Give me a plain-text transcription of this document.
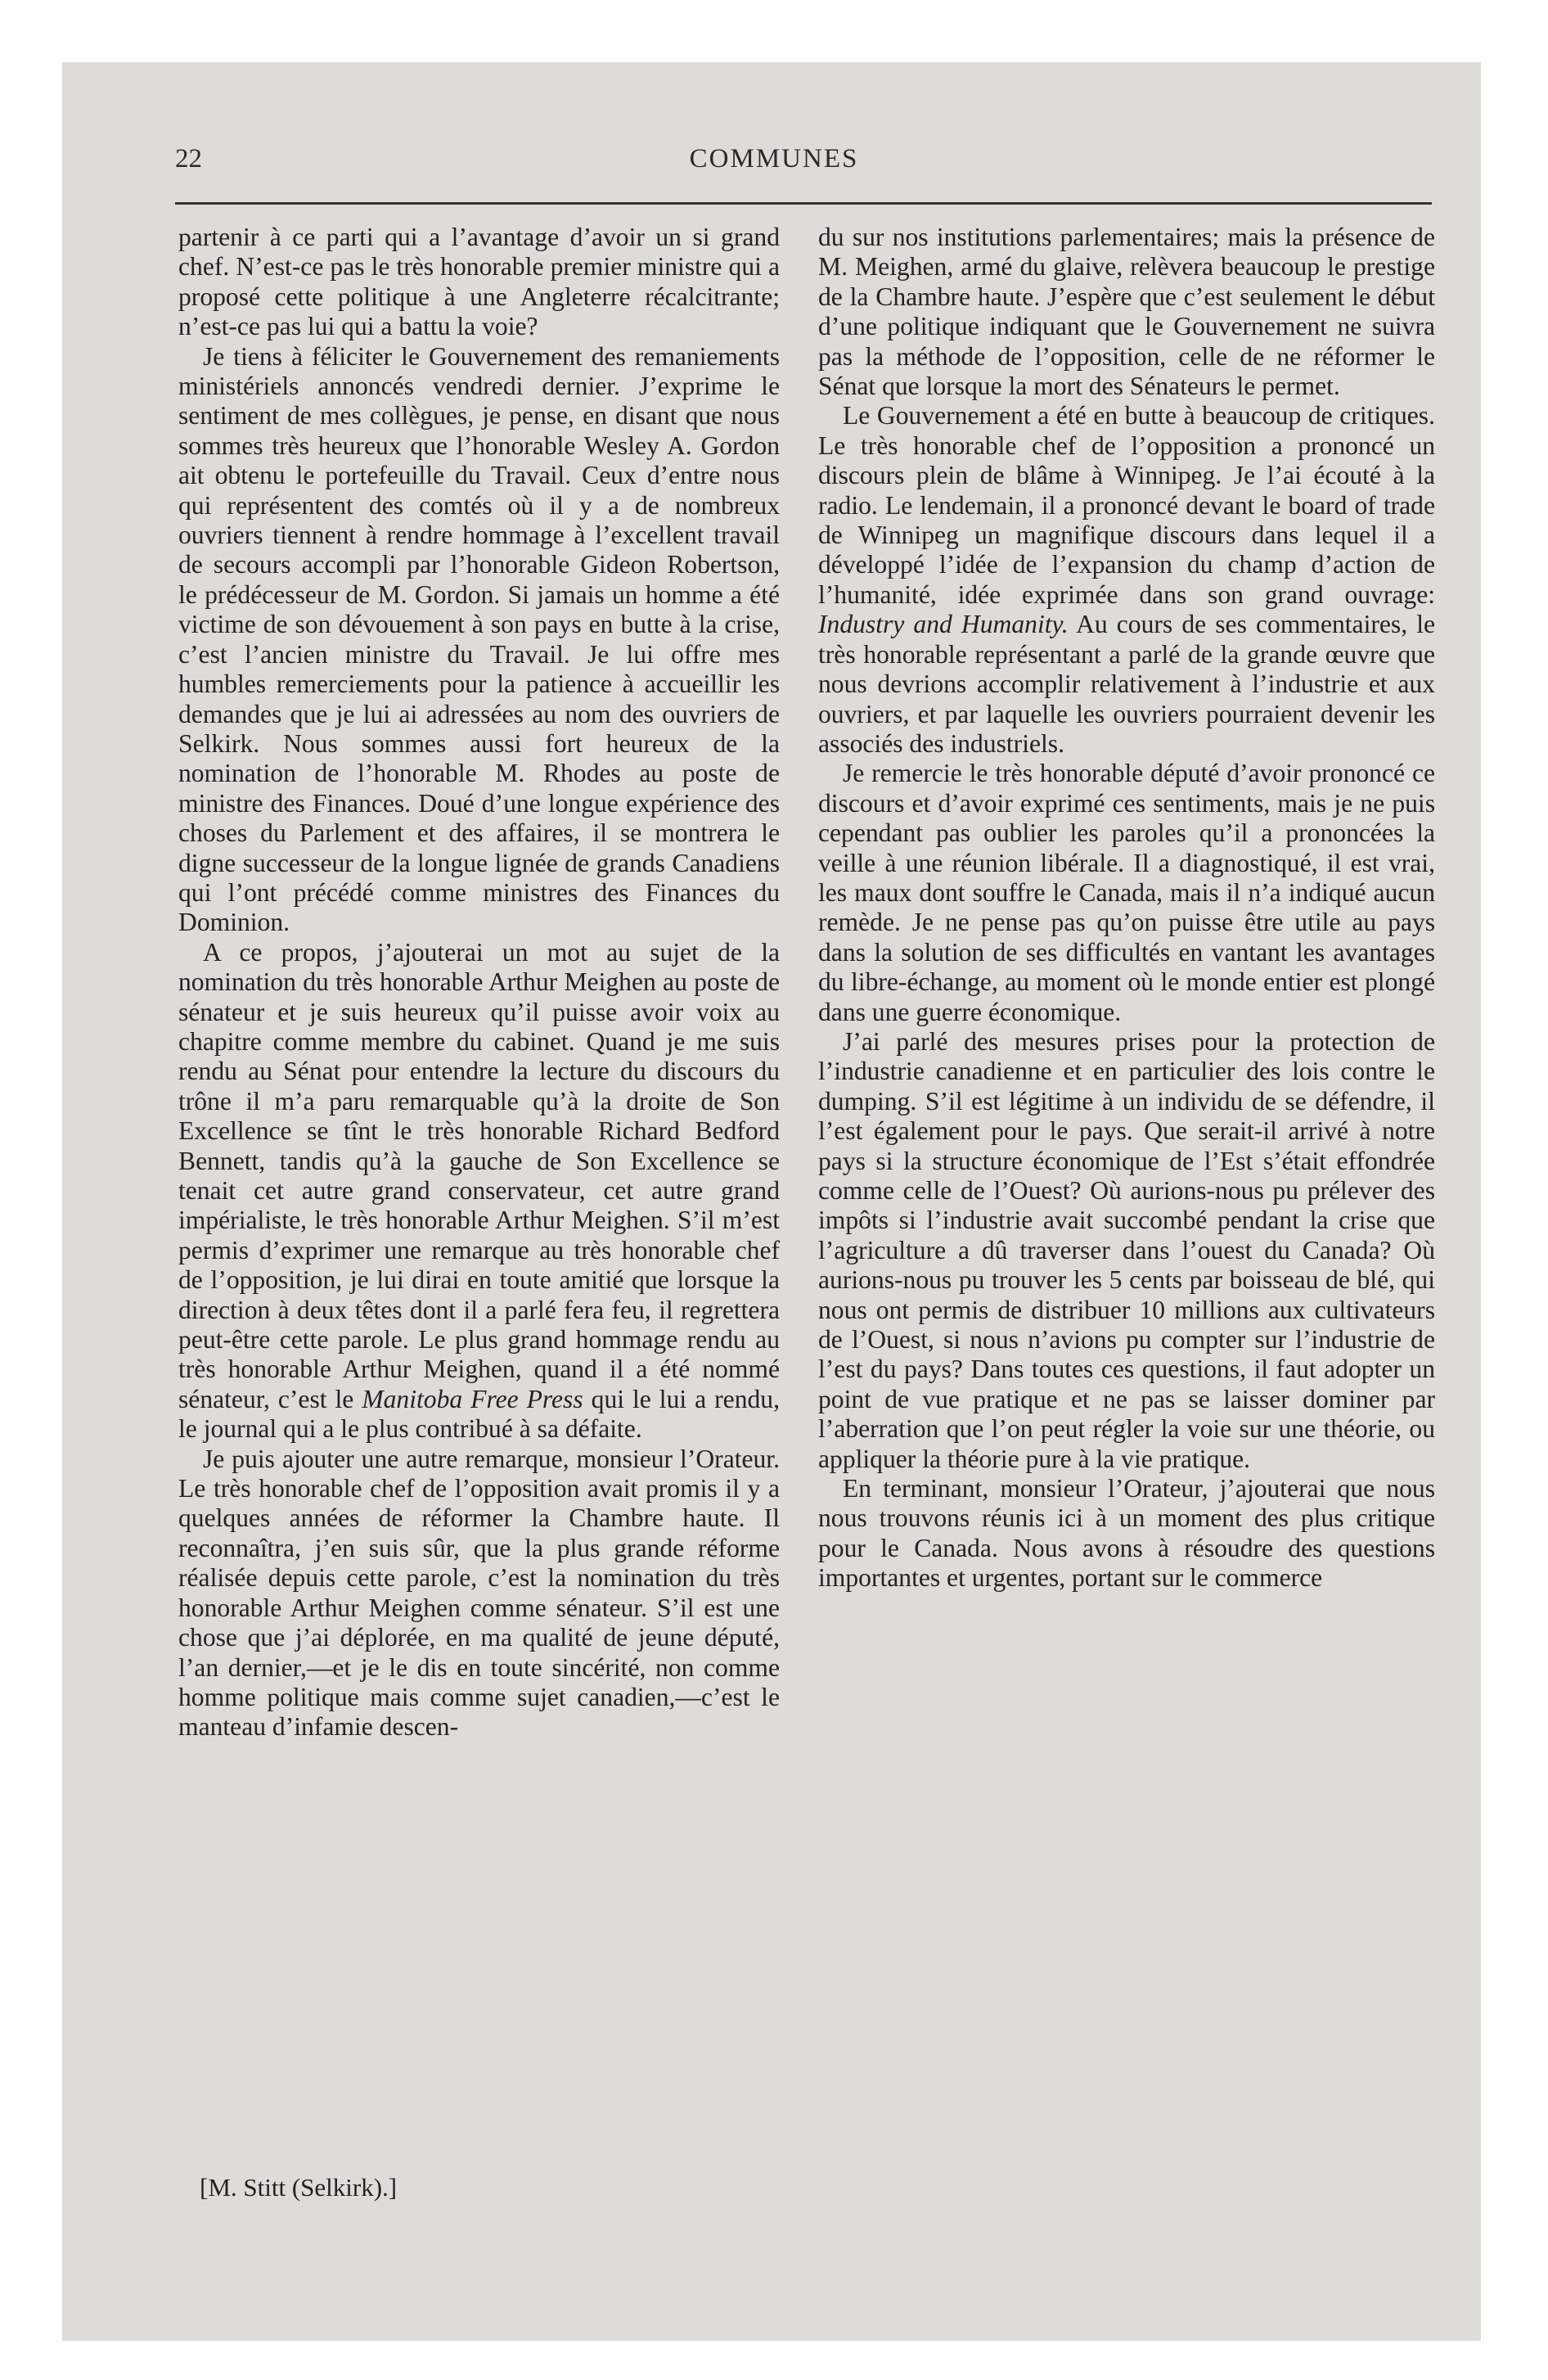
22	COMMUNES

partenir à ce parti qui a l’avantage d’avoir un si grand chef. N’est-ce pas le très honorable premier ministre qui a proposé cette politique à une Angleterre récalcitrante; n’est-ce pas lui qui a battu la voie?

Je tiens à féliciter le Gouvernement des remaniements ministériels annoncés vendredi dernier. J’exprime le sentiment de mes collègues, je pense, en disant que nous sommes très heureux que l’honorable Wesley A. Gordon ait obtenu le portefeuille du Travail. Ceux d’entre nous qui représentent des comtés où il y a de nombreux ouvriers tiennent à rendre hommage à l’excellent travail de secours accompli par l’honorable Gideon Robertson, le prédécesseur de M. Gordon. Si jamais un homme a été victime de son dévouement à son pays en butte à la crise, c’est l’ancien ministre du Travail. Je lui offre mes humbles remerciements pour la patience à accueillir les demandes que je lui ai adressées au nom des ouvriers de Selkirk. Nous sommes aussi fort heureux de la nomination de l’honorable M. Rhodes au poste de ministre des Finances. Doué d’une longue expérience des choses du Parlement et des affaires, il se montrera le digne successeur de la longue lignée de grands Canadiens qui l’ont précédé comme ministres des Finances du Dominion.

A ce propos, j’ajouterai un mot au sujet de la nomination du très honorable Arthur Meighen au poste de sénateur et je suis heureux qu’il puisse avoir voix au chapitre comme membre du cabinet. Quand je me suis rendu au Sénat pour entendre la lecture du discours du trône il m’a paru remarquable qu’à la droite de Son Excellence se tînt le très honorable Richard Bedford Bennett, tandis qu’à la gauche de Son Excellence se tenait cet autre grand conservateur, cet autre grand impérialiste, le très honorable Arthur Meighen. S’il m’est permis d’exprimer une remarque au très honorable chef de l’opposition, je lui dirai en toute amitié que lorsque la direction à deux têtes dont il a parlé fera feu, il regrettera peut-être cette parole. Le plus grand hommage rendu au très honorable Arthur Meighen, quand il a été nommé sénateur, c’est le Manitoba Free Press qui le lui a rendu, le journal qui a le plus contribué à sa défaite.

Je puis ajouter une autre remarque, monsieur l’Orateur. Le très honorable chef de l’opposition avait promis il y a quelques années de réformer la Chambre haute. Il reconnaîtra, j’en suis sûr, que la plus grande réforme réalisée depuis cette parole, c’est la nomination du très honorable Arthur Meighen comme sénateur. S’il est une chose que j’ai déplorée, en ma qualité de jeune député, l’an dernier,—et je le dis en toute sincérité, non comme homme politique mais comme sujet canadien,—c’est le manteau d’infamie descen-

du sur nos institutions parlementaires; mais la présence de M. Meighen, armé du glaive, relèvera beaucoup le prestige de la Chambre haute. J’espère que c’est seulement le début d’une politique indiquant que le Gouvernement ne suivra pas la méthode de l’opposition, celle de ne réformer le Sénat que lorsque la mort des Sénateurs le permet.

Le Gouvernement a été en butte à beaucoup de critiques. Le très honorable chef de l’opposition a prononcé un discours plein de blâme à Winnipeg. Je l’ai écouté à la radio. Le lendemain, il a prononcé devant le board of trade de Winnipeg un magnifique discours dans lequel il a développé l’idée de l’expansion du champ d’action de l’humanité, idée exprimée dans son grand ouvrage: Industry and Humanity. Au cours de ses commentaires, le très honorable représentant a parlé de la grande œuvre que nous devrions accomplir relativement à l’industrie et aux ouvriers, et par laquelle les ouvriers pourraient devenir les associés des industriels.

Je remercie le très honorable député d’avoir prononcé ce discours et d’avoir exprimé ces sentiments, mais je ne puis cependant pas oublier les paroles qu’il a prononcées la veille à une réunion libérale. Il a diagnostiqué, il est vrai, les maux dont souffre le Canada, mais il n’a indiqué aucun remède. Je ne pense pas qu’on puisse être utile au pays dans la solution de ses difficultés en vantant les avantages du libre-échange, au moment où le monde entier est plongé dans une guerre économique.

J’ai parlé des mesures prises pour la protection de l’industrie canadienne et en particulier des lois contre le dumping. S’il est légitime à un individu de se défendre, il l’est également pour le pays. Que serait-il arrivé à notre pays si la structure économique de l’Est s’était effondrée comme celle de l’Ouest? Où aurions-nous pu prélever des impôts si l’industrie avait succombé pendant la crise que l’agriculture a dû traverser dans l’ouest du Canada? Où aurions-nous pu trouver les 5 cents par boisseau de blé, qui nous ont permis de distribuer 10 millions aux cultivateurs de l’Ouest, si nous n’avions pu compter sur l’industrie de l’est du pays? Dans toutes ces questions, il faut adopter un point de vue pratique et ne pas se laisser dominer par l’aberration que l’on peut régler la voie sur une théorie, ou appliquer la théorie pure à la vie pratique.

En terminant, monsieur l’Orateur, j’ajouterai que nous nous trouvons réunis ici à un moment des plus critique pour le Canada. Nous avons à résoudre des questions importantes et urgentes, portant sur le commerce

[M. Stitt (Selkirk).]
